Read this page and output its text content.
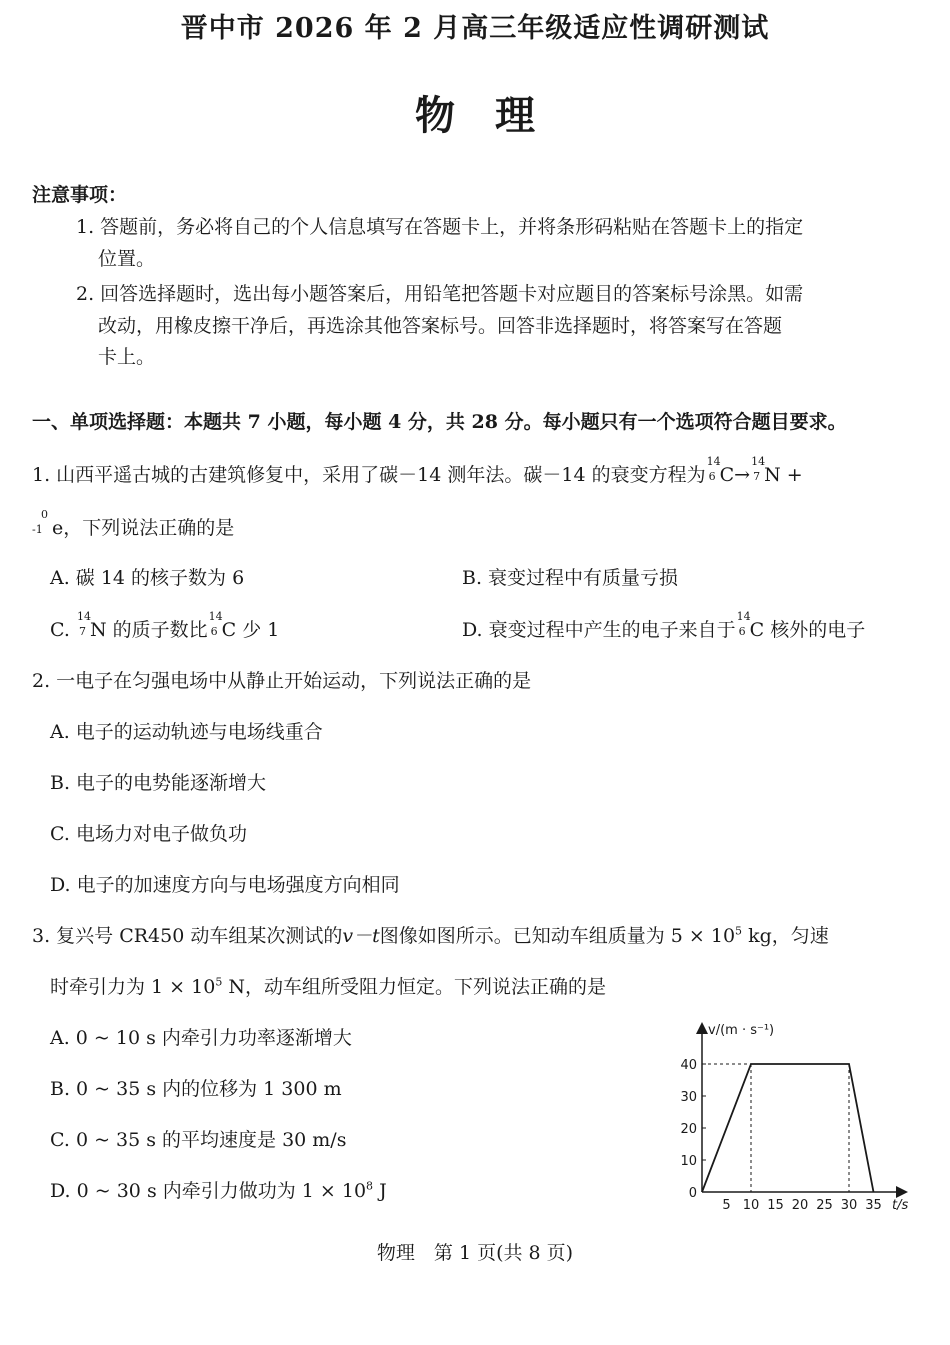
晋中市 2026 年 2 月高三年级适应性调研测试
物　理
注意事项：
1. 答题前，务必将自己的个人信息填写在答题卡上，并将条形码粘贴在答题卡上的指定
位置。
2. 回答选择题时，选出每小题答案后，用铅笔把答题卡对应题目的答案标号涂黑。如需
改动，用橡皮擦干净后，再选涂其他答案标号。回答非选择题时，将答案写在答题
卡上。
一、单项选择题：本题共 7 小题，每小题 4 分，共 28 分。每小题只有一个选项符合题目要求。
1. 山西平遥古城的古建筑修复中，采用了碳－14 测年法。碳－14 的衰变方程为
14
6 C→
14
7 N +
0
-1 e，下列说法正确的是
A. 碳 14 的核子数为 6	B. 衰变过程中有质量亏损
C.
14
7 N 的质子数比
14
6 C 少 1	D. 衰变过程中产生的电子来自于
14
6 C 核外的电子
2. 一电子在匀强电场中从静止开始运动，下列说法正确的是
A. 电子的运动轨迹与电场线重合
B. 电子的电势能逐渐增大
C. 电场力对电子做负功
D. 电子的加速度方向与电场强度方向相同
3. 复兴号 CR450 动车组某次测试的v－t图像如图所示。已知动车组质量为 $5 \times 10^5$ kg，匀速
时牵引力为 $1 \times 10^5$ N，动车组所受阻力恒定。下列说法正确的是
A. 0 ~ 10 s 内牵引力功率逐渐增大
B. 0 ~ 35 s 内的位移为 1 300 m
C. 0 ~ 35 s 的平均速度是 30 m/s
D. 0 ~ 30 s 内牵引力做功为 $1 \times 10^8$ J
v/(m · s⁻¹)
t/s
0
10
20
30
40
5 10 15 20 25 30 35
物理　第 1 页(共 8 页)
